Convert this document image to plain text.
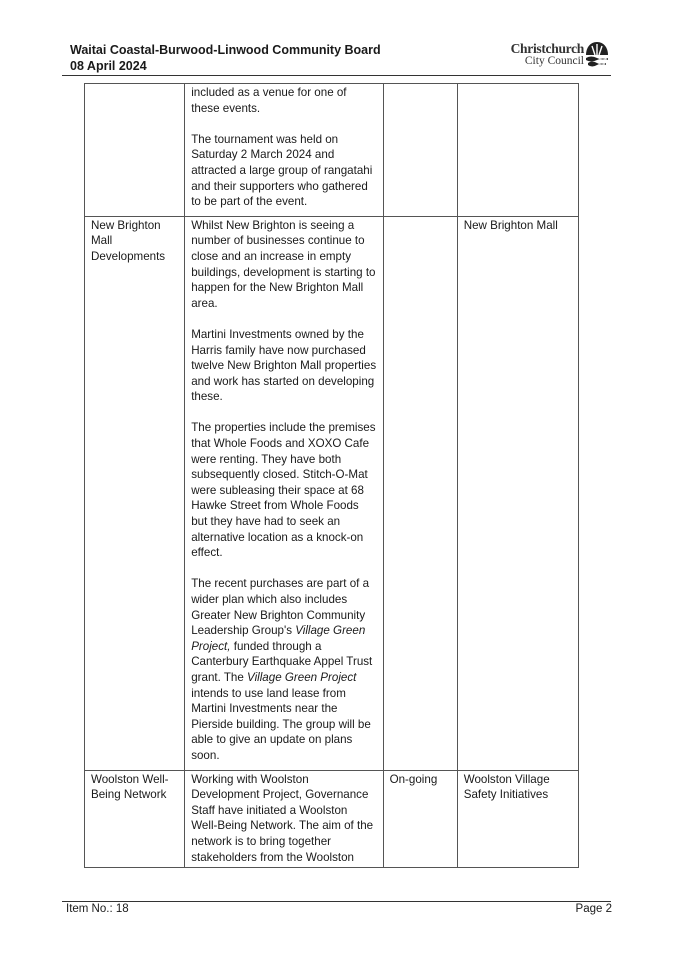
Waitai Coastal-Burwood-Linwood Community Board

08 April 2024

Christchurch
City Council

	included as a venue for one of these events.

The tournament was held on Saturday 2 March 2024 and attracted a large group of rangatahi and their supporters who gathered to be part of the event.		

New Brighton Mall Developments	Whilst New Brighton is seeing a number of businesses continue to close and an increase in empty buildings, development is starting to happen for the New Brighton Mall area.

Martini Investments owned by the Harris family have now purchased twelve New Brighton Mall properties and work has started on developing these.

The properties include the premises that Whole Foods and XOXO Cafe were renting. They have both subsequently closed. Stitch-O-Mat were subleasing their space at 68 Hawke Street from Whole Foods but they have had to seek an alternative location as a knock-on effect.

The recent purchases are part of a wider plan which also includes Greater New Brighton Community Leadership Group's Village Green Project, funded through a Canterbury Earthquake Appel Trust grant. The Village Green Project intends to use land lease from Martini Investments near the Pierside building. The group will be able to give an update on plans soon.		New Brighton Mall
Woolston Well-Being Network	Working with Woolston Development Project, Governance Staff have initiated a Woolston Well-Being Network. The aim of the network is to bring together stakeholders from the Woolston	On-going	Woolston Village Safety Initiatives
Item No.: 18	Page 2
